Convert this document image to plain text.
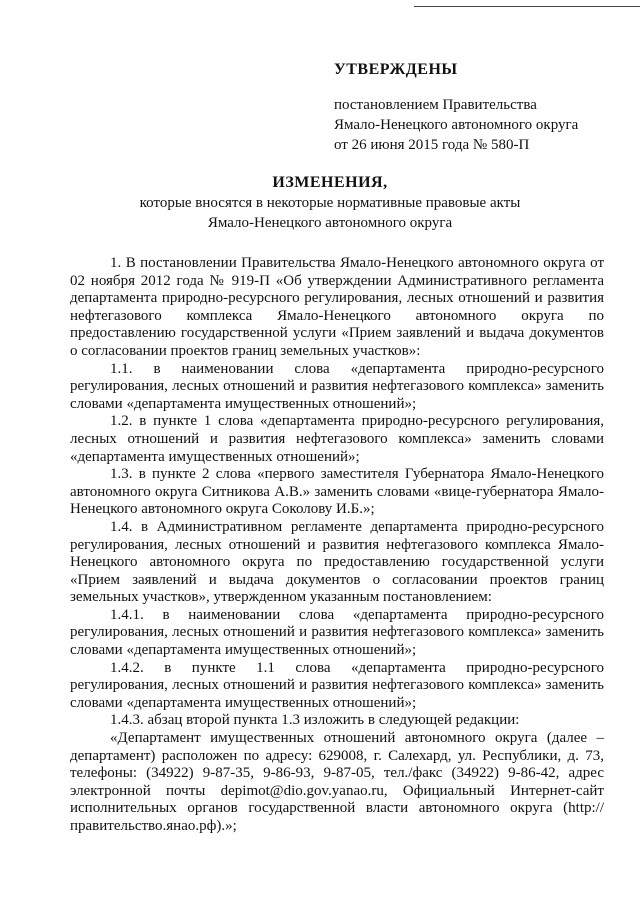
УТВЕРЖДЕНЫ
постановлением Правительства
Ямало-Ненецкого автономного округа
от 26 июня 2015 года № 580-П
ИЗМЕНЕНИЯ,
которые вносятся в некоторые нормативные правовые акты
Ямало-Ненецкого автономного округа

1. В постановлении Правительства Ямало-Ненецкого автономного округа от 02 ноября 2012 года № 919-П «Об утверждении Административного регламента департамента природно-ресурсного регулирования, лесных отношений и развития нефтегазового комплекса Ямало-Ненецкого автономного округа по предоставлению государственной услуги «Прием заявлений и выдача документов о согласовании проектов границ земельных участков»:

1.1. в наименовании слова «департамента природно-ресурсного регулирования, лесных отношений и развития нефтегазового комплекса» заменить словами «департамента имущественных отношений»;

1.2. в пункте 1 слова «департамента природно-ресурсного регулирования, лесных отношений и развития нефтегазового комплекса» заменить словами «департамента имущественных отношений»;

1.3. в пункте 2 слова «первого заместителя Губернатора Ямало-Ненецкого автономного округа Ситникова А.В.» заменить словами «вице-губернатора Ямало-Ненецкого автономного округа Соколову И.Б.»;

1.4. в Административном регламенте департамента природно-ресурсного регулирования, лесных отношений и развития нефтегазового комплекса Ямало-Ненецкого автономного округа по предоставлению государственной услуги «Прием заявлений и выдача документов о согласовании проектов границ земельных участков», утвержденном указанным постановлением:

1.4.1. в наименовании слова «департамента природно-ресурсного регулирования, лесных отношений и развития нефтегазового комплекса» заменить словами «департамента имущественных отношений»;

1.4.2. в пункте 1.1 слова «департамента природно-ресурсного регулирования, лесных отношений и развития нефтегазового комплекса» заменить словами «департамента имущественных отношений»;

1.4.3. абзац второй пункта 1.3 изложить в следующей редакции:

«Департамент имущественных отношений автономного округа (далее – департамент) расположен по адресу: 629008, г. Салехард, ул. Республики, д. 73, телефоны: (34922) 9-87-35, 9-86-93, 9-87-05, тел./факс (34922) 9-86-42, адрес электронной почты depimot@dio.gov.yanao.ru, Официальный Интернет-сайт исполнительных органов государственной власти автономного округа (http://правительство.янао.рф).»;
